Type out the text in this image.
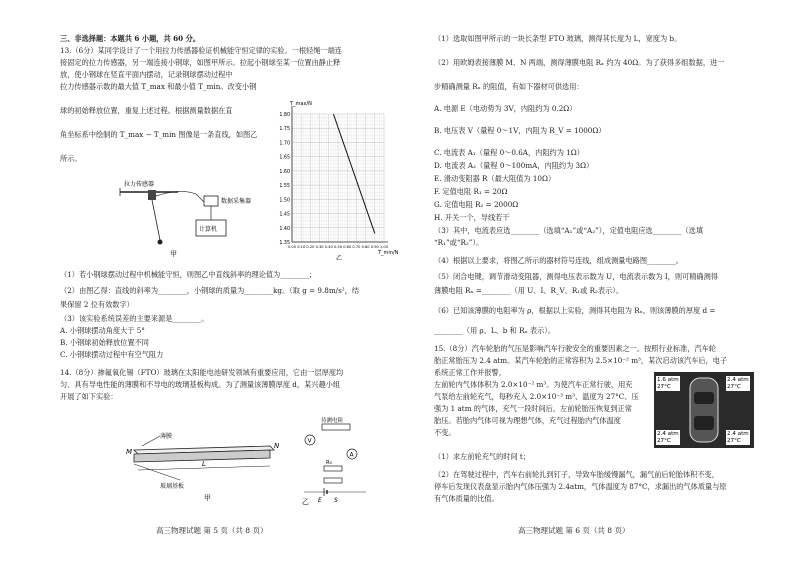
三、非选择题：本题共 6 小题，共 60 分。
13.（6分）某同学设计了一个用拉力传感器验证机械能守恒定律的实验。一根轻绳一端连
接固定的拉力传感器，另一端连接小钢球，如图甲所示。拉起小钢球至某一位置由静止释
放，使小钢球在竖直平面内摆动，记录钢球摆动过程中
拉力传感器示数的最大值 T_max 和最小值 T_min。改变小钢
球的初始释放位置，重复上述过程。根据测量数据在直
角坐标系中绘制的 T_max − T_min 图像是一条直线，如图乙
所示。
拉力传感器
数据采集器
计算机
甲
1.35
1.40
1.45
1.50
1.55
1.60
1.65
1.70
1.75
1.80
0.00 0.10 0.20 0.30 0.40 0.50 0.60 0.70 0.80 0.90 1.00
T_max/N
T_min/N
乙
（1）若小钢球摆动过程中机械能守恒，则图乙中直线斜率的理论值为________；
（2）由图乙得：直线的斜率为________，小钢球的质量为________kg。（取 g = 9.8m/s²，结
果保留 2 位有效数字）
（3）该实验系统误差的主要来源是________。
A. 小钢球摆动角度大于 5°
B. 小钢球初始释放位置不同
C. 小钢球摆动过程中有空气阻力
14.（8分）掺氟氧化锡（FTO）玻璃在太阳能电池研发领域有重要应用，它由一层厚度均
匀、具有导电性能的薄膜和不导电的玻璃基板构成。为了测量该薄膜厚度 d，某兴趣小组
开展了如下实验：
薄膜
玻璃基板
M
N
L
甲
待测电阻
V
A
R₀
E S
乙
高三物理试题 第 5 页（共 8 页）
（1）选取如图甲所示的一块长条型 FTO 玻璃，测得其长度为 L，宽度为 b。
（2）用欧姆表接薄膜 M、N 两端，测得薄膜电阻 Rₓ 约为 40Ω。为了获得多组数据，进一
步精确测量 Rₓ 的阻值，有如下器材可供选用：
A. 电源 E（电动势为 3V，内阻约为 0.2Ω）
B. 电压表 V（量程 0～1V，内阻为 R_V = 1000Ω）
C. 电流表 A₁（量程 0～0.6A，内阻约为 1Ω）
D. 电流表 A₂（量程 0～100mA，内阻约为 3Ω）
E. 滑动变阻器 R（最大阻值为 10Ω）
F. 定值电阻 R₁ = 20Ω
G. 定值电阻 R₂ = 2000Ω
H. 开关一个，导线若干
（3）其中，电流表应选________（选填“A₁”或“A₂”），定值电阻应选________（选填
“R₁”或“R₂”）。
（4）根据以上要求，将图乙所示的器材符号连线，组成测量电路图________。
（5）闭合电键，调节滑动变阻器，测得电压表示数为 U，电流表示数为 I，则可精确测得
薄膜电阻 Rₓ =________（用 U、I、R_V、R₁或 R₂表示）。
（6）已知该薄膜的电阻率为 ρ，根据以上实验，测得其电阻为 Rₓ，则该薄膜的厚度 d =
________（用 ρ、L、b 和 Rₓ 表示）。
15.（8分）汽车轮胎的气压是影响汽车行驶安全的重要因素之一。按照行业标准，汽车轮
胎正常胎压为 2.4 atm。某汽车轮胎的正常容积为 2.5×10⁻² m³，某次启动该汽车后，电子
系统正常工作并报警，
左前轮内气体体积为 2.0×10⁻² m³。为使汽车正常行驶，用充
气泵给左前轮充气，每秒充入 2.0×10⁻³ m³、温度为 27°C、压
强为 1 atm 的气体，充气一段时间后，左前轮胎压恢复到正常
胎压。若胎内气体可视为理想气体，充气过程胎内气体温度
不变。
1.6 atm
27°C
2.4 atm
27°C
2.4 atm
27°C
2.4 atm
27°C
（1）求左前轮充气的时间 t；
（2）在驾驶过程中，汽车右前轮扎到钉子，导致车胎缓慢漏气，漏气前后轮胎体积不变，
停车后发现仪表盘显示胎内气体压强为 2.4atm，气体温度为 87°C，求漏出的气体质量与原
有气体质量的比值。
高三物理试题 第 6 页（共 8 页）
